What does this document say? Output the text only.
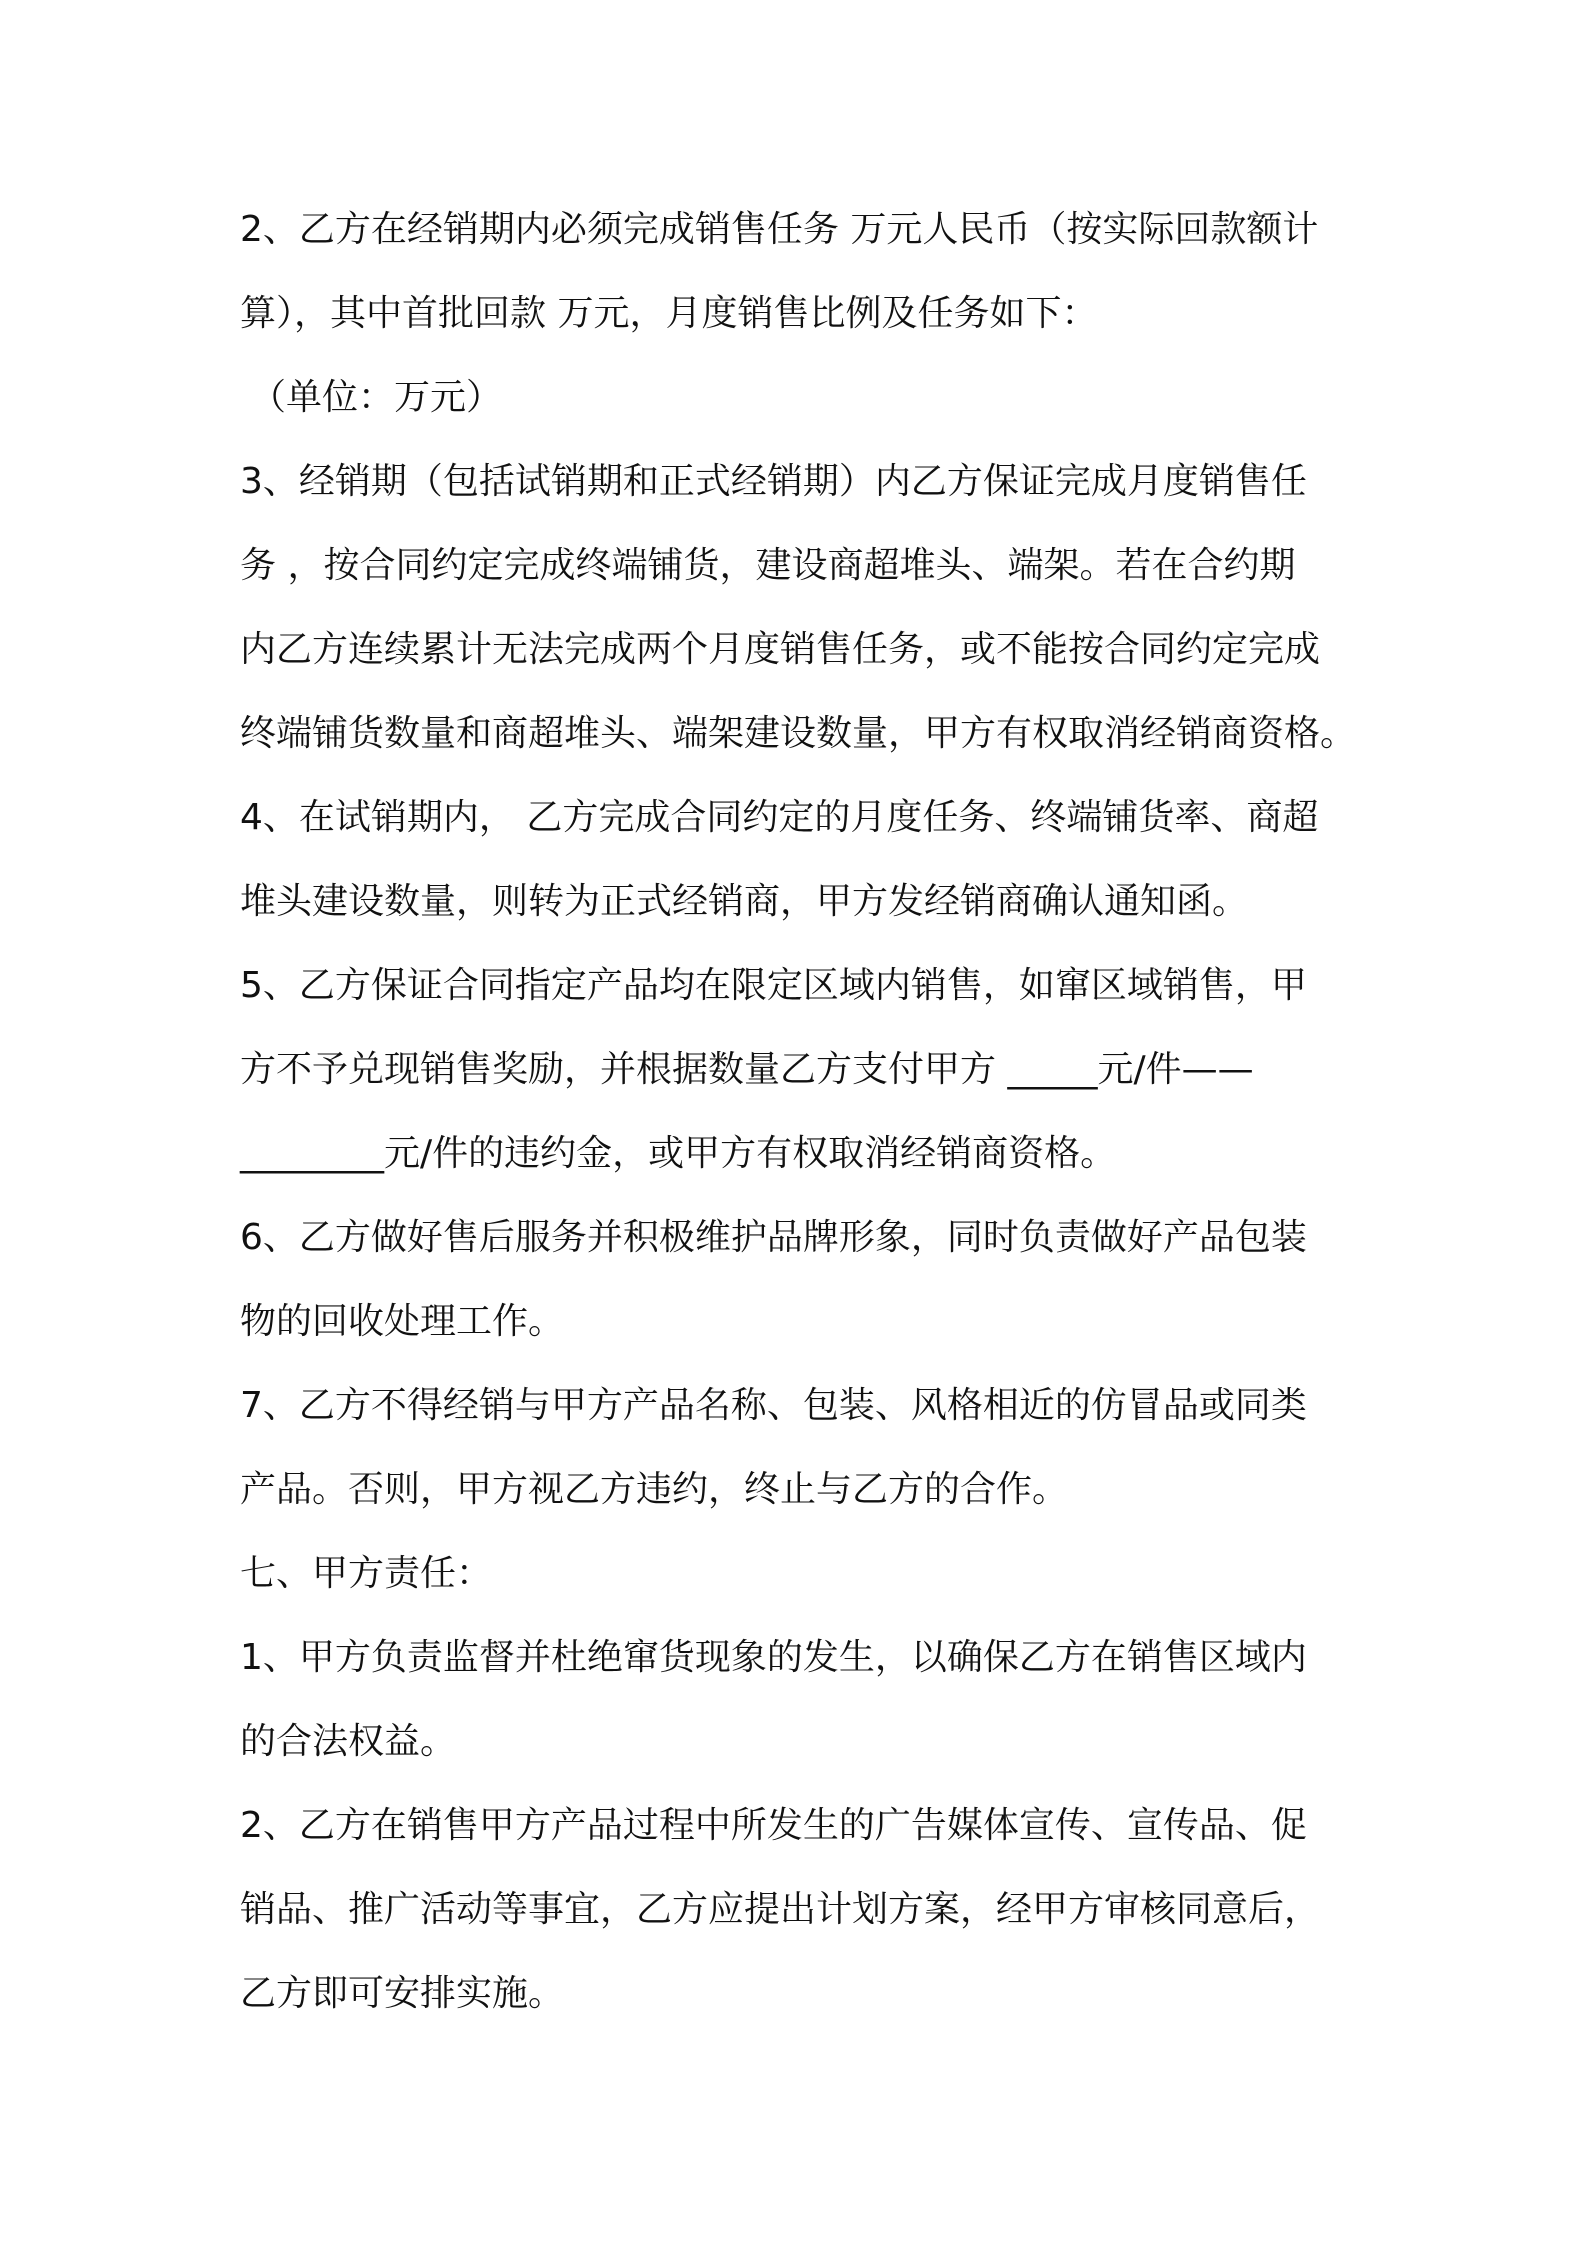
2、乙方在经销期内必须完成销售任务 万元人民币（按实际回款额计
算），其中首批回款 万元，月度销售比例及任务如下：
（单位：万元）
3、经销期（包括试销期和正式经销期）内乙方保证完成月度销售任
务 ，按合同约定完成终端铺货，建设商超堆头、端架。若在合约期
内乙方连续累计无法完成两个月度销售任务，或不能按合同约定完成
终端铺货数量和商超堆头、端架建设数量，甲方有权取消经销商资格。
4、在试销期内， 乙方完成合同约定的月度任务、终端铺货率、商超
堆头建设数量，则转为正式经销商，甲方发经销商确认通知函。
5、乙方保证合同指定产品均在限定区域内销售，如窜区域销售，甲
方不予兑现销售奖励，并根据数量乙方支付甲方 _____元/件——
________元/件的违约金，或甲方有权取消经销商资格。
6、乙方做好售后服务并积极维护品牌形象，同时负责做好产品包装
物的回收处理工作。
7、乙方不得经销与甲方产品名称、包装、风格相近的仿冒品或同类
产品。否则，甲方视乙方违约，终止与乙方的合作。
七、甲方责任：
1、甲方负责监督并杜绝窜货现象的发生，以确保乙方在销售区域内
的合法权益。
2、乙方在销售甲方产品过程中所发生的广告媒体宣传、宣传品、促
销品、推广活动等事宜，乙方应提出计划方案，经甲方审核同意后，
乙方即可安排实施。
